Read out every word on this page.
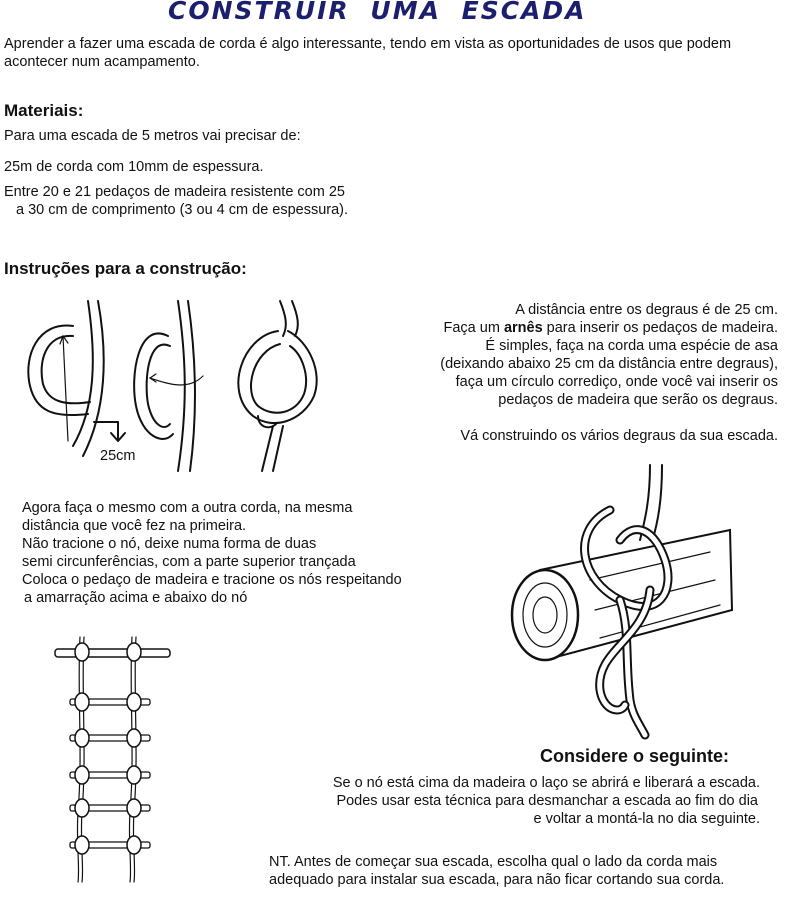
CONSTRUIR UMA ESCADA
Aprender a fazer uma escada de corda é algo interessante, tendo em vista as oportunidades de usos que podem
acontecer num acampamento.
Materiais:
Para uma escada de 5 metros vai precisar de:
25m de corda com 10mm de espessura.
Entre 20 e 21 pedaços de madeira resistente com 25
a 30 cm de comprimento (3 ou 4 cm de espessura).
Instruções para a construção:
25cm
A distância entre os degraus é de 25 cm.
Faça um arnês para inserir os pedaços de madeira.
É simples, faça na corda uma espécie de asa
(deixando abaixo 25 cm da distância entre degraus),
faça um círculo corrediço, onde você vai inserir os
pedaços de madeira que serão os degraus.
Vá construindo os vários degraus da sua escada.
Agora faça o mesmo com a outra corda, na mesma
distância que você fez na primeira.
Não tracione o nó, deixe numa forma de duas
semi circunferências, com a parte superior trançada
Coloca o pedaço de madeira e tracione os nós respeitando
a amarração acima e abaixo do nó
Considere o seguinte:
Se o nó está cima da madeira o laço se abrirá e liberará a escada.
Podes usar esta técnica para desmanchar a escada ao fim do dia
e voltar a montá-la no dia seguinte.
NT. Antes de começar sua escada, escolha qual o lado da corda mais
adequado para instalar sua escada, para não ficar cortando sua corda.
